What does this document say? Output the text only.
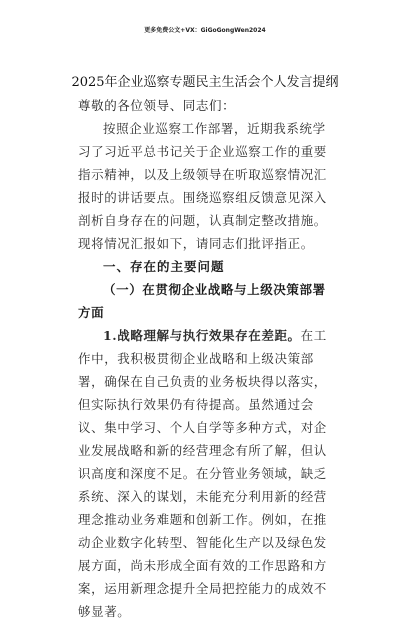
更多免费公文+VX：GiGoGongWen2024
2025年企业巡察专题民主生活会个人发言提纲

尊敬的各位领导、同志们：

按照企业巡察工作部署，近期我系统学习了习近平总书记关于企业巡察工作的重要指示精神，以及上级领导在听取巡察情况汇报时的讲话要点。围绕巡察组反馈意见深入剖析自身存在的问题，认真制定整改措施。现将情况汇报如下，请同志们批评指正。

一、存在的主要问题

（一）在贯彻企业战略与上级决策部署方面

1.战略理解与执行效果存在差距。在工作中，我积极贯彻企业战略和上级决策部署，确保在自己负责的业务板块得以落实，但实际执行效果仍有待提高。虽然通过会议、集中学习、个人自学等多种方式，对企业发展战略和新的经营理念有所了解，但认识高度和深度不足。在分管业务领域，缺乏系统、深入的谋划，未能充分利用新的经营理念推动业务难题和创新工作。例如，在推动企业数字化转型、智能化生产以及绿色发展方面，尚未形成全面有效的工作思路和方案，运用新理念提升全局把控能力的成效不够显著。
